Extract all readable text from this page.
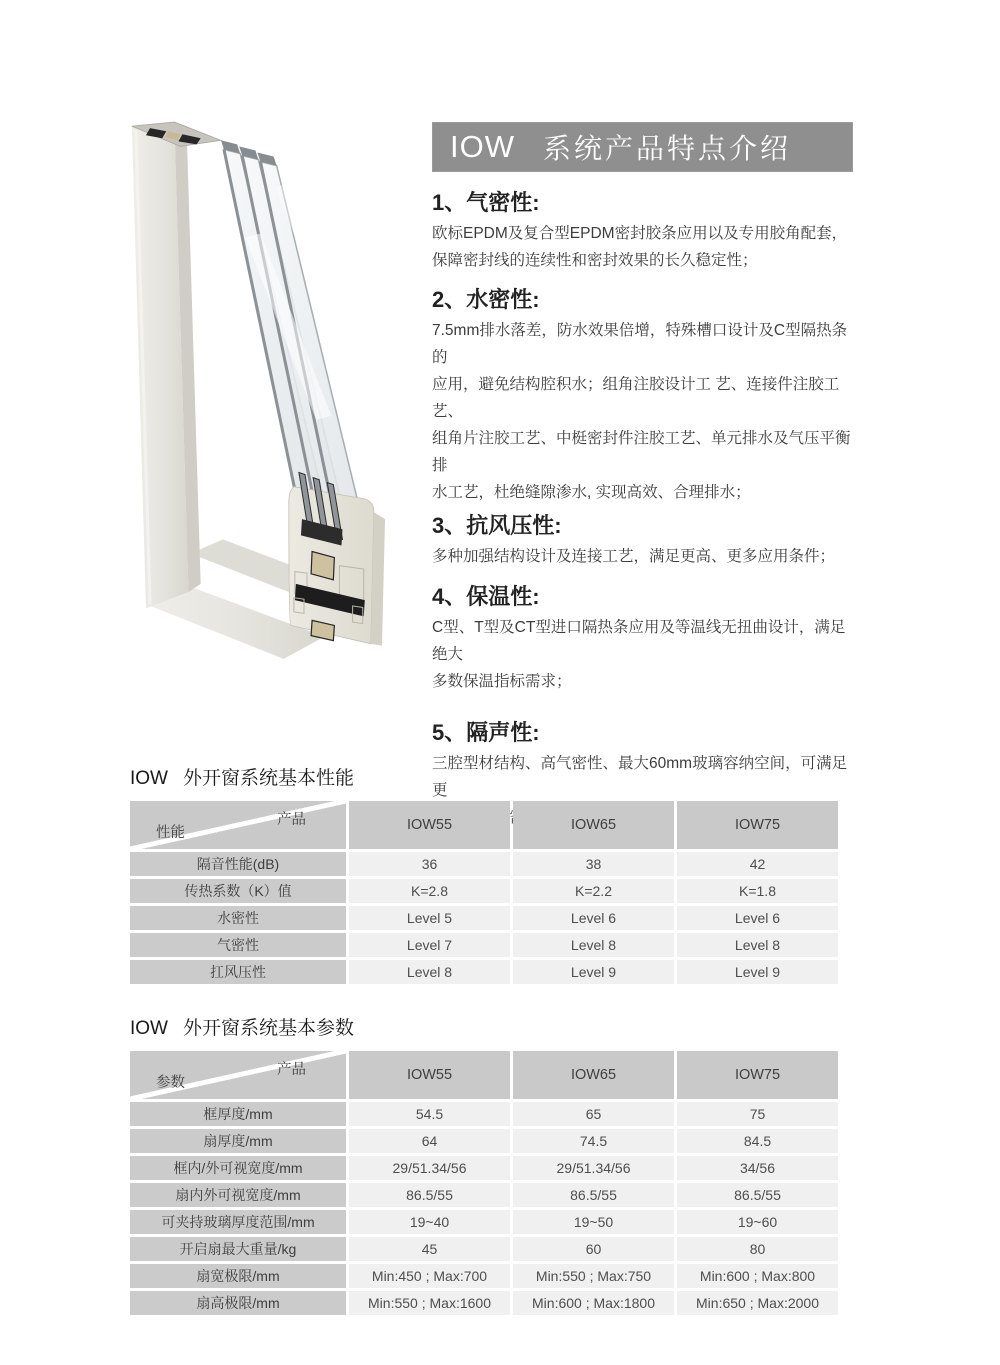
IOW 系统产品特点介绍
1、气密性:
欧标EPDM及复合型EPDM密封胶条应用以及专用胶角配套，
保障密封线的连续性和密封效果的长久稳定性；
2、水密性:
7.5mm排水落差，防水效果倍增，特殊槽口设计及C型隔热条的
应用，避免结构腔积水；组角注胶设计工 艺、连接件注胶工艺、
组角片注胶工艺、中梃密封件注胶工艺、单元排水及气压平衡排
水工艺，杜绝缝隙渗水, 实现高效、合理排水；
3、抗风压性:
多种加强结构设计及连接工艺，满足更高、更多应用条件；
4、保温性:
C型、T型及CT型进口隔热条应用及等温线无扭曲设计，满足绝大
多数保温指标需求；
5、隔声性:
三腔型材结构、高气密性、最大60mm玻璃容纳空间，可满足更
IOW 外开窗系统基本性能
产品
性能	IOW55	IOW65	IOW75
隔音性能(dB)	36	38	42
传热系数（K）值	K=2.8	K=2.2	K=1.8
水密性	Level 5	Level 6	Level 6
气密性	Level 7	Level 8	Level 8
扛风压性	Level 8	Level 9	Level 9
IOW 外开窗系统基本参数
产品
参数	IOW55	IOW65	IOW75
框厚度/mm	54.5	65	75
扇厚度/mm	64	74.5	84.5
框内/外可视宽度/mm	29/51.34/56	29/51.34/56	34/56
扇内外可视宽度/mm	86.5/55	86.5/55	86.5/55
可夹持玻璃厚度范围/mm	19~40	19~50	19~60
开启扇最大重量/kg	45	60	80
扇宽极限/mm	Min:450 ; Max:700	Min:550 ; Max:750	Min:600 ; Max:800
扇高极限/mm	Min:550 ; Max:1600	Min:600 ; Max:1800	Min:650 ; Max:2000
